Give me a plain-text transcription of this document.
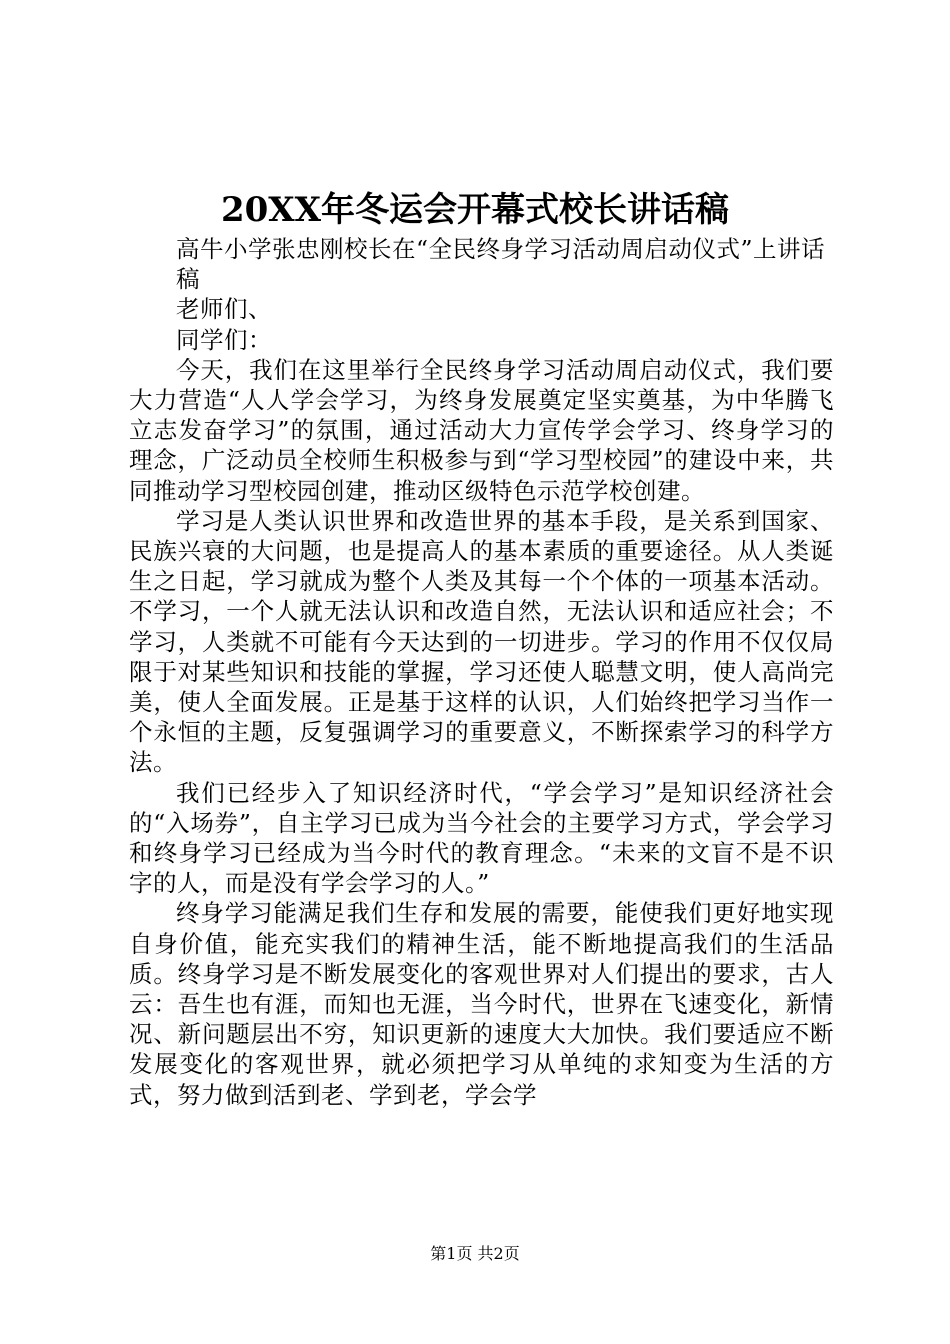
20XX年冬运会开幕式校长讲话稿

高牛小学张忠刚校长在“全民终身学习活动周启动仪式”上讲话

稿

老师们、

同学们：

今天，我们在这里举行全民终身学习活动周启动仪式，我们要大力营造“人人学会学习，为终身发展奠定坚实奠基，为中华腾飞立志发奋学习”的氛围，通过活动大力宣传学会学习、终身学习的理念，广泛动员全校师生积极参与到“学习型校园”的建设中来，共同推动学习型校园创建，推动区级特色示范学校创建。

学习是人类认识世界和改造世界的基本手段，是关系到国家、民族兴衰的大问题，也是提高人的基本素质的重要途径。从人类诞生之日起，学习就成为整个人类及其每一个个体的一项基本活动。不学习，一个人就无法认识和改造自然，无法认识和适应社会；不学习，人类就不可能有今天达到的一切进步。学习的作用不仅仅局限于对某些知识和技能的掌握，学习还使人聪慧文明，使人高尚完美，使人全面发展。正是基于这样的认识，人们始终把学习当作一个永恒的主题，反复强调学习的重要意义，不断探索学习的科学方法。

我们已经步入了知识经济时代，“学会学习”是知识经济社会的“入场券”，自主学习已成为当今社会的主要学习方式，学会学习和终身学习已经成为当今时代的教育理念。“未来的文盲不是不识字的人，而是没有学会学习的人。”

终身学习能满足我们生存和发展的需要，能使我们更好地实现自身价值，能充实我们的精神生活，能不断地提高我们的生活品质。终身学习是不断发展变化的客观世界对人们提出的要求，古人云：吾生也有涯，而知也无涯，当今时代，世界在飞速变化，新情况、新问题层出不穷，知识更新的速度大大加快。我们要适应不断发展变化的客观世界，就必须把学习从单纯的求知变为生活的方式，努力做到活到老、学到老，学会学

第1页 共2页
